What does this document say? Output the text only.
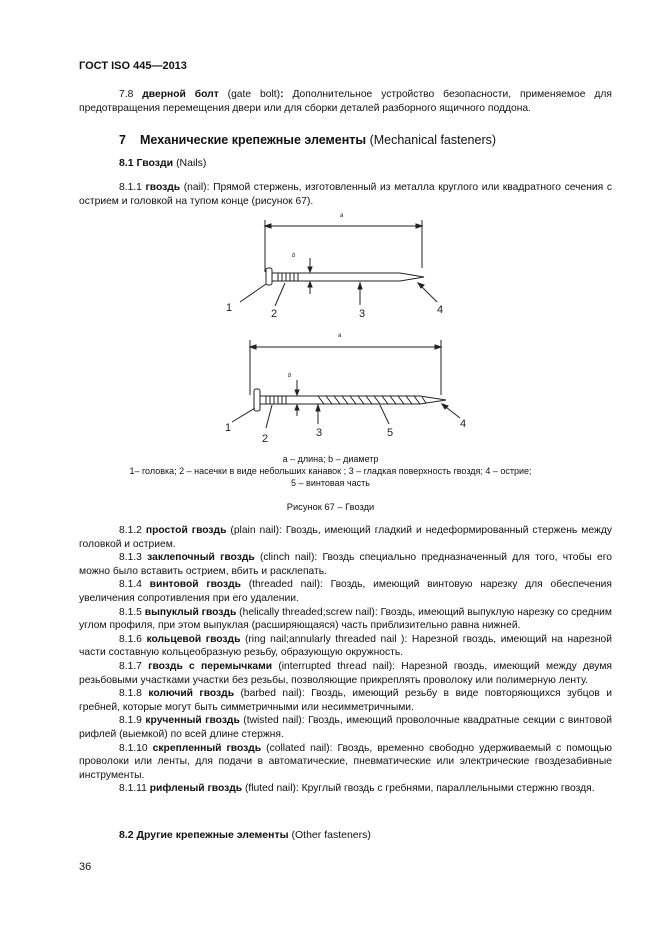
ГОСТ ISO 445—2013
7.8 дверной болт (gate bolt): Дополнительное устройство безопасности, применяемое для предотвращения перемещения двери или для сборки деталей разборного ящичного поддона.
7 Механические крепежные элементы (Mechanical fasteners)
8.1 Гвозди (Nails)
8.1.1 гвоздь (nail): Прямой стержень, изготовленный из металла круглого или квадратного сечения с острием и головкой на тупом конце (рисунок 67).
a
b
1	2	3	4
a
b
1
2	3	5
4
a – длина; b – диаметр
1– головка; 2 – насечки в виде небольших канавок ; 3 – гладкая поверхность гвоздя; 4 – острие;
5 – винтовая часть
Рисунок 67 – Гвозди
8.1.2 простой гвоздь (plain nail): Гвоздь, имеющий гладкий и недеформированный стержень между головкой и острием.
8.1.3 заклепочный гвоздь (clinch nail): Гвоздь специально предназначенный для того, чтобы его можно было вставить острием, вбить и расклепать.
8.1.4 винтовой гвоздь (threaded nail): Гвоздь, имеющий винтовую нарезку для обеспечения увеличения сопротивления при его удалении.
8.1.5 выпуклый гвоздь (helically threaded;screw nail): Гвоздь, имеющий выпуклую нарезку со средним углом профиля, при этом выпуклая (расширяющаяся) часть приблизительно равна нижней.
8.1.6 кольцевой гвоздь (ring nail;annularly threaded nail ): Нарезной гвоздь, имеющий на нарезной части составную кольцеобразную резьбу, образующую окружность.
8.1.7 гвоздь с перемычками (interrupted thread nail): Нарезной гвоздь, имеющий между двумя резьбовыми участками участки без резьбы, позволяющие прикреплять проволоку или полимерную ленту.
8.1.8 колючий гвоздь (barbed nail): Гвоздь, имеющий резьбу в виде повторяющихся зубцов и гребней, которые могут быть симметричными или несимметричными.
8.1.9 крученный гвоздь (twisted nail): Гвоздь, имеющий проволочные квадратные секции с винтовой рифлей (выемкой) по всей длине стержня.
8.1.10 скрепленный гвоздь (collated nail): Гвоздь, временно свободно удерживаемый с помощью проволоки или ленты, для подачи в автоматические, пневматические или электрические гвоздезабивные инструменты.
8.1.11 рифленый гвоздь (fluted nail): Круглый гвоздь с гребнями, параллельными стержню гвоздя.
8.2 Другие крепежные элементы (Other fasteners)
36
